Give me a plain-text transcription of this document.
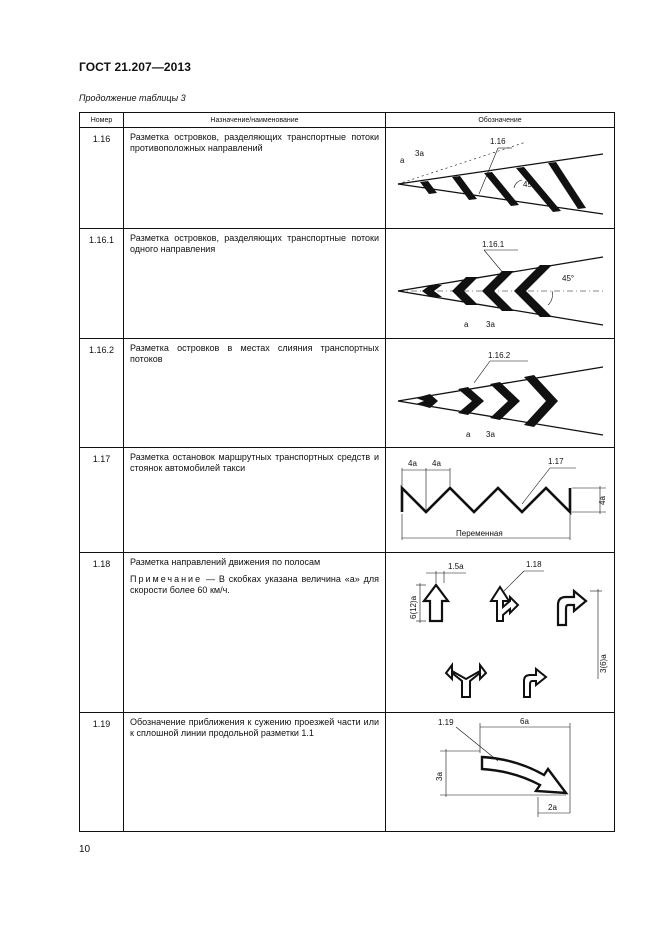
ГОСТ 21.207—2013
Продолжение таблицы 3
Номер	Назначение/наименование	Обозначение
1.16	Разметка островков, разделяющих транспортные потоки противоположных направлений	a
3a
1.16
45°

1.16.1	Разметка островков, разделяющих транспортные потоки одного направления	1.16.1
45°
a 3a

1.16.2	Разметка островков в местах слияния транспортных потоков	1.16.2
a 3a

1.17	Разметка остановок маршрутных транспортных средств и стоянок автомобилей такси	4a 4a 1.17
4a
Переменная

1.18	Разметка направлений движения по полосам
Примечание — В скобках указана величина «а» для скорости более 60 км/ч.	1.5a
6(12)a
1.18
3(6)a

1.19	Обозначение приближения к сужению проезжей части или к сплошной линии продольной разметки 1.1	1.19 6a
3a
2a
10
